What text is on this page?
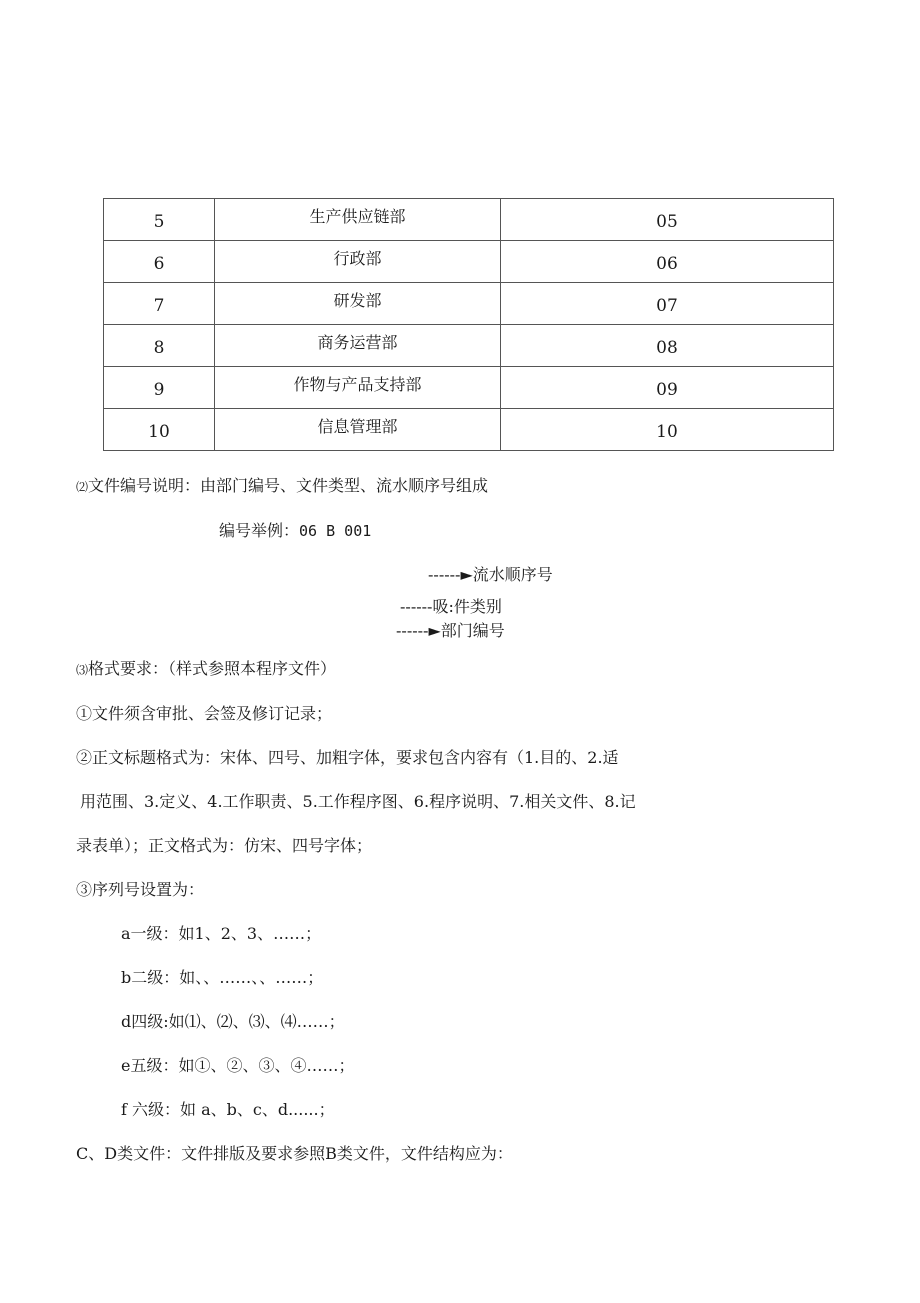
5	生产供应链部	05
6	行政部	06
7	研发部	07
8	商务运营部	08
9	作物与产品支持部	09
10	信息管理部	10
⑵文件编号说明：由部门编号、文件类型、流水顺序号组成
编号举例：06 B 001
------►流水顺序号
------吸:件类别
------►部门编号
⑶格式要求：（样式参照本程序文件）
①文件须含审批、会签及修订记录；
②正文标题格式为：宋体、四号、加粗字体，要求包含内容有（1.目的、2.适
用范围、3.定义、4.工作职责、5.工作程序图、6.程序说明、7.相关文件、8.记
录表单）；正文格式为：仿宋、四号字体；
③序列号设置为：
a一级：如1、2、3、……；
b二级：如、、……、、……；
d四级:如⑴、⑵、⑶、⑷……；
e五级：如①、②、③、④……；
f 六级：如 a、b、c、d......；
C、D类文件：文件排版及要求参照B类文件，文件结构应为：
